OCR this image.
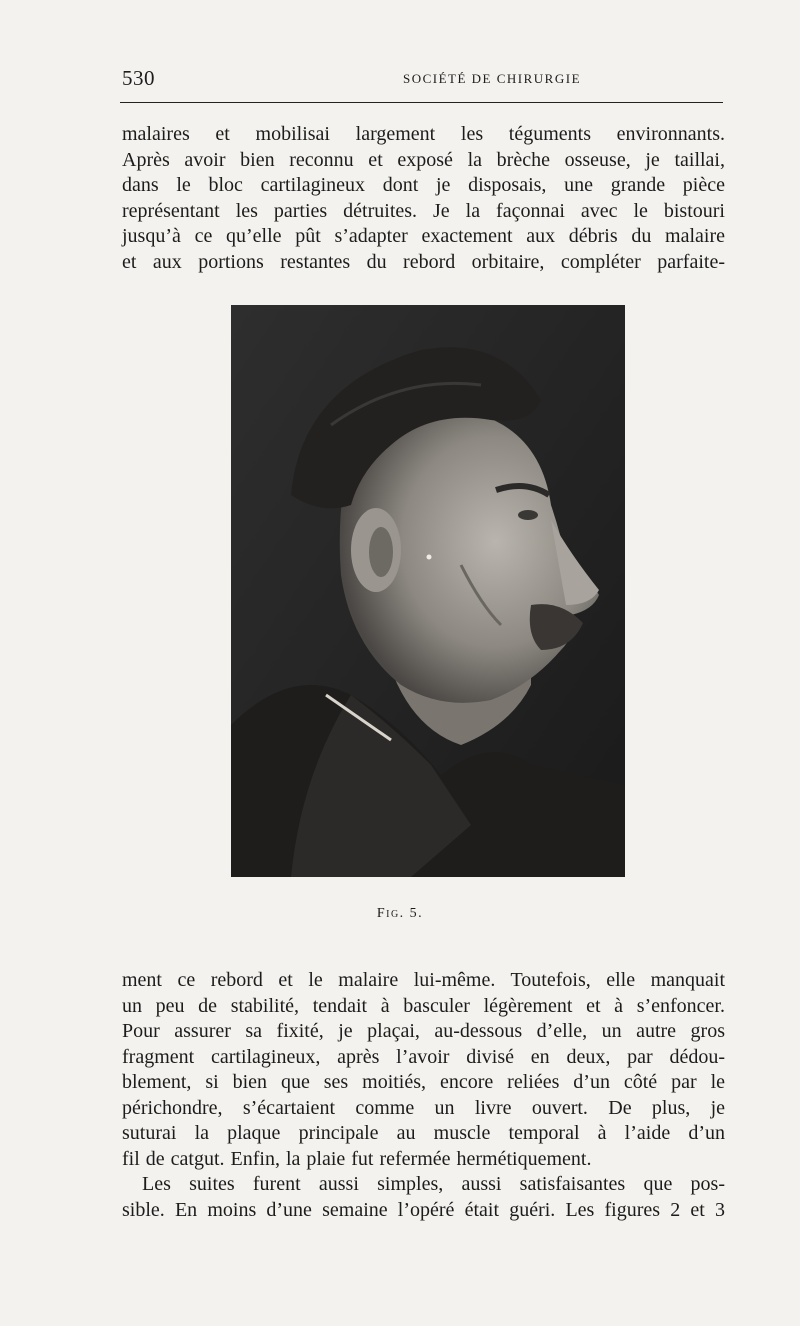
530	SOCIÉTÉ DE CHIRURGIE
malaires et mobilisai largement les téguments environnants.
Après avoir bien reconnu et exposé la brèche osseuse, je taillai,
dans le bloc cartilagineux dont je disposais, une grande pièce
représentant les parties détruites. Je la façonnai avec le bistouri
jusqu’à ce qu’elle pût s’adapter exactement aux débris du malaire
et aux portions restantes du rebord orbitaire, compléter parfaite-
Fig. 5.
ment ce rebord et le malaire lui-même. Toutefois, elle manquait
un peu de stabilité, tendait à basculer légèrement et à s’enfoncer.
Pour assurer sa fixité, je plaçai, au-dessous d’elle, un autre gros
fragment cartilagineux, après l’avoir divisé en deux, par dédou-
blement, si bien que ses moitiés, encore reliées d’un côté par le
périchondre, s’écartaient comme un livre ouvert. De plus, je
suturai la plaque principale au muscle temporal à l’aide d’un
fil de catgut. Enfin, la plaie fut refermée hermétiquement.
Les suites furent aussi simples, aussi satisfaisantes que pos-
sible. En moins d’une semaine l’opéré était guéri. Les figures 2 et 3
